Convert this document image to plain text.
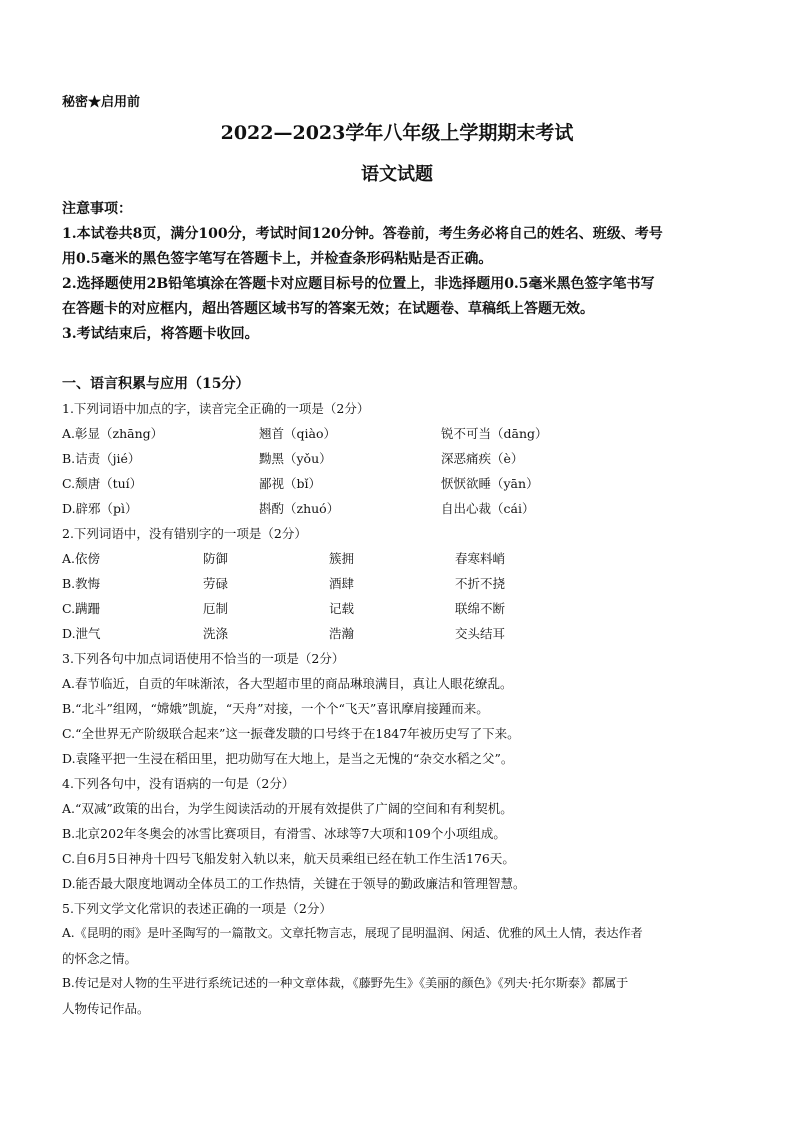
秘密★启用前
2022—2023学年八年级上学期期末考试
语文试题
注意事项：
1.本试卷共8页，满分100分，考试时间120分钟。答卷前，考生务必将自己的姓名、班级、考号
用0.5毫米的黑色签字笔写在答题卡上，并检查条形码粘贴是否正确。
2.选择题使用2B铅笔填涂在答题卡对应题目标号的位置上，非选择题用0.5毫米黑色签字笔书写
在答题卡的对应框内，超出答题区域书写的答案无效；在试题卷、草稿纸上答题无效。
3.考试结束后，将答题卡收回。
一、语言积累与应用（15分）
1.下列词语中加点的字，读音完全正确的一项是（2分）
A.彰显（zhāng）	翘首（qiào）	锐不可当（dāng）
B.诘责（jié）	黝黑（yǒu）	深恶痛疾（è）
C.颓唐（tuí）	鄙视（bǐ）	恹恹欲睡（yān）
D.辟邪（pì）	斟酌（zhuó）	自出心裁（cái）
2.下列词语中，没有错别字的一项是（2分）
A.依傍	防御	簇拥	春寒料峭
B.教悔	劳碌	酒肆	不折不挠
C.蹒跚	厄制	记载	联绵不断
D.泄气	洗涤	浩瀚	交头结耳
3.下列各句中加点词语使用不恰当的一项是（2分）
A.春节临近，自贡的年味渐浓，各大型超市里的商品琳琅满目，真让人眼花缭乱。
B.“北斗”组网，“嫦娥”凯旋，“天舟”对接，一个个“飞天”喜讯摩肩接踵而来。
C.“全世界无产阶级联合起来”这一振聋发聩的口号终于在1847年被历史写了下来。
D.袁隆平把一生浸在稻田里，把功勋写在大地上，是当之无愧的“杂交水稻之父”。
4.下列各句中，没有语病的一句是（2分）
A.“双减”政策的出台，为学生阅读活动的开展有效提供了广阔的空间和有利契机。
B.北京202年冬奥会的冰雪比赛项目，有滑雪、冰球等7大项和109个小项组成。
C.自6月5日神舟十四号飞船发射入轨以来，航天员乘组已经在轨工作生活176天。
D.能否最大限度地调动全体员工的工作热情，关键在于领导的勤政廉洁和管理智慧。
5.下列文学文化常识的表述正确的一项是（2分）
A.《昆明的雨》是叶圣陶写的一篇散文。文章托物言志，展现了昆明温润、闲适、优雅的风土人情，表达作者
的怀念之情。
B.传记是对人物的生平进行系统记述的一种文章体裁，《藤野先生》《美丽的颜色》《列夫·托尔斯泰》都属于
人物传记作品。
